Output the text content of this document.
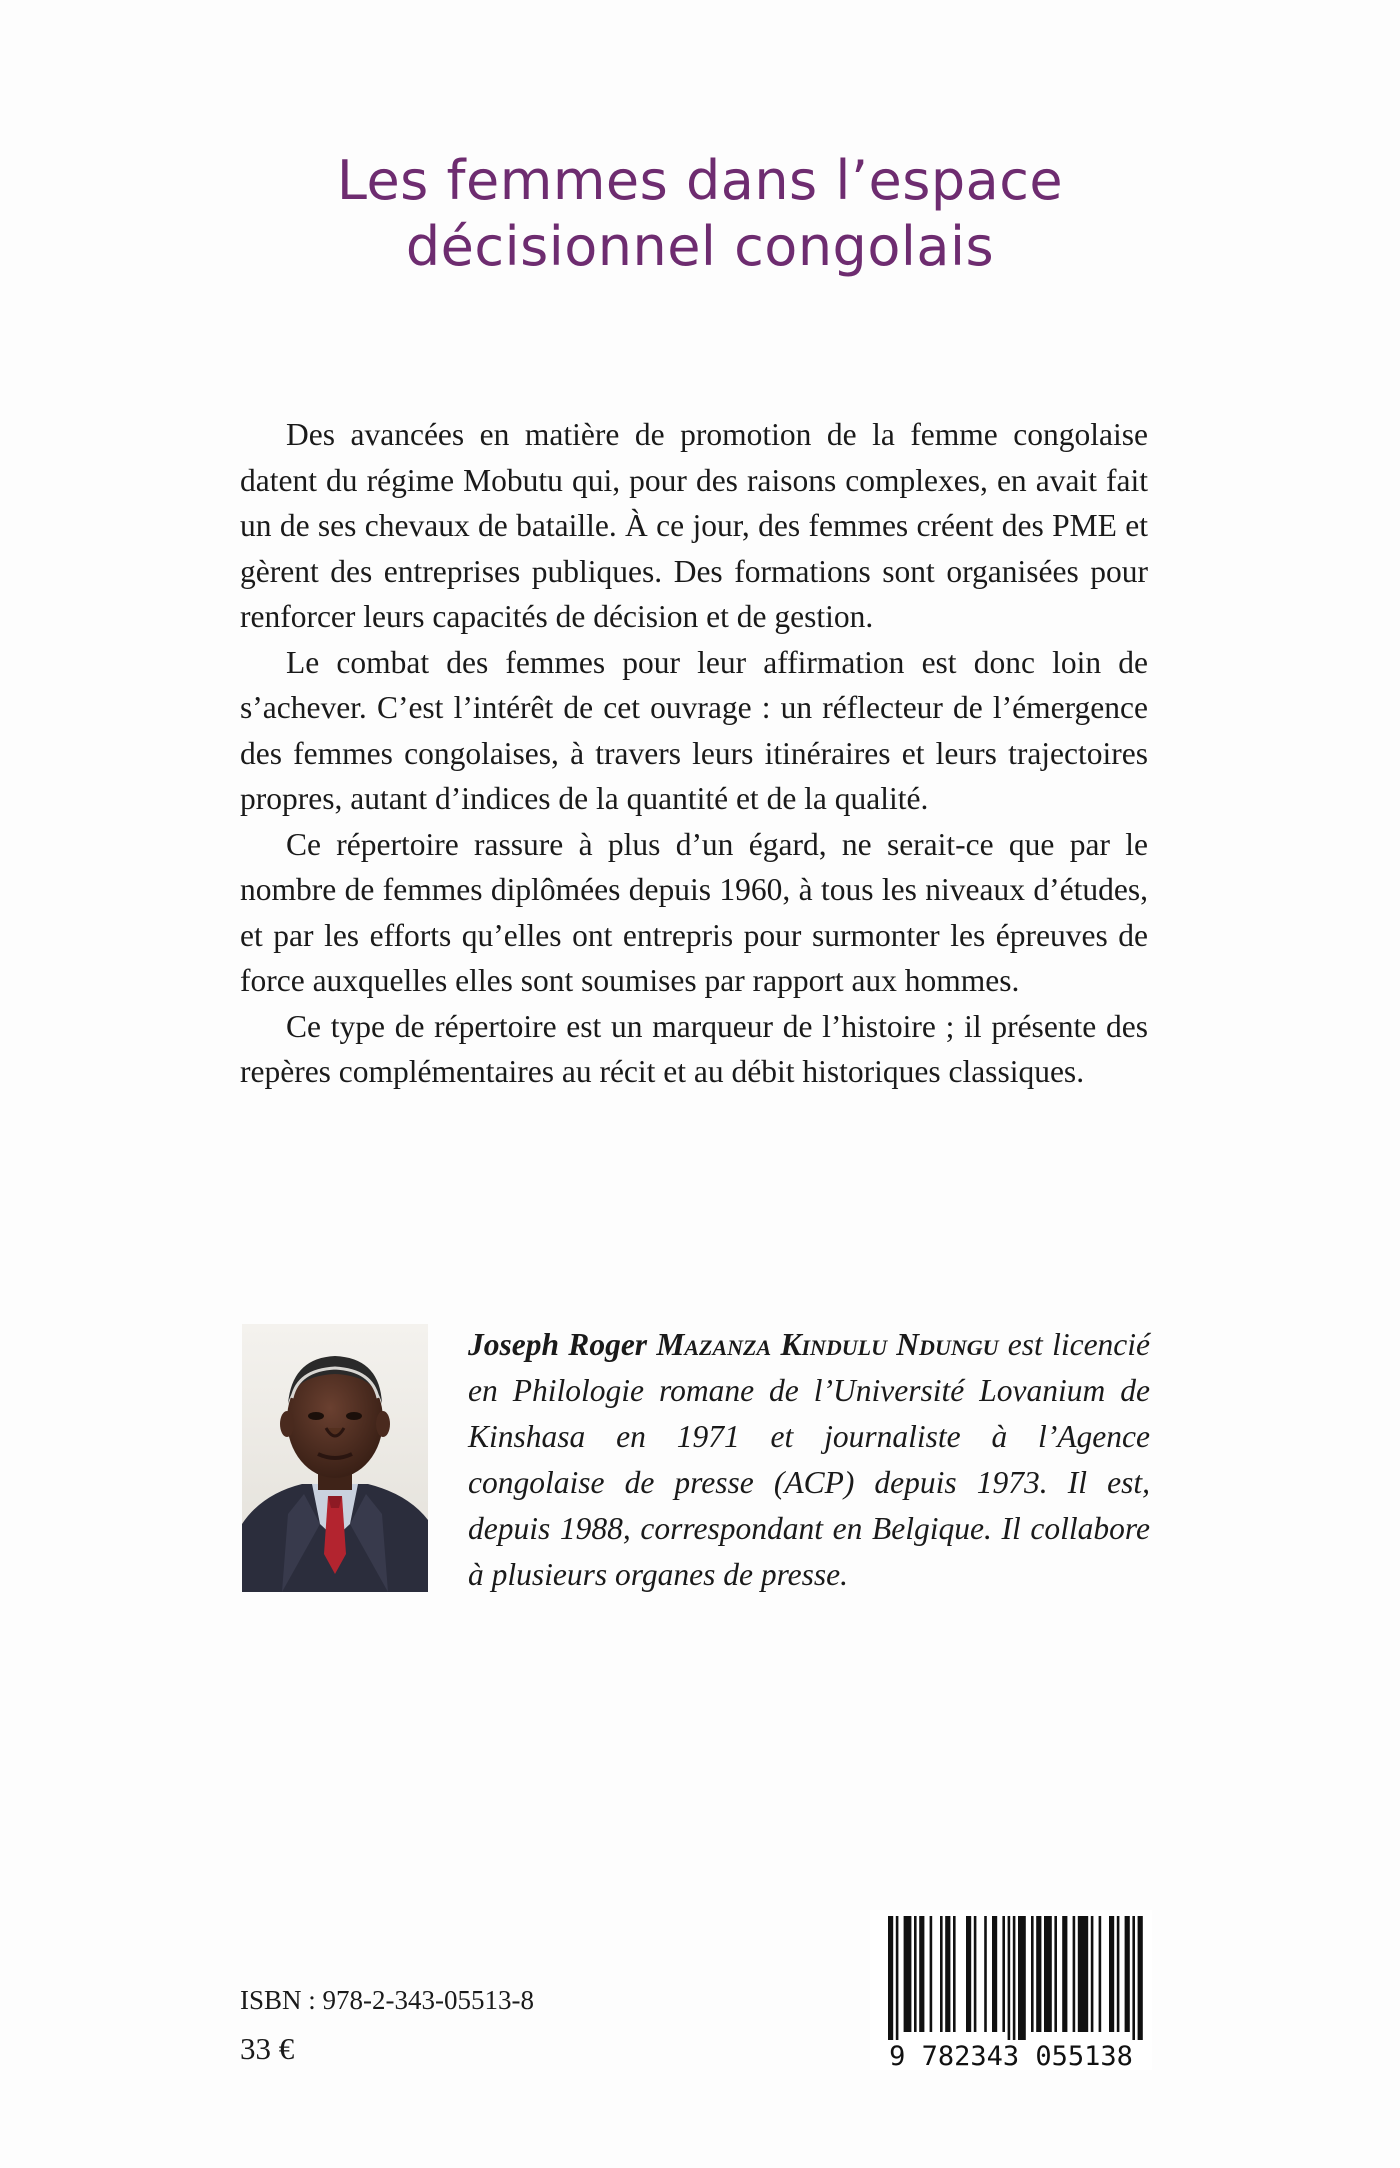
Les femmes dans l’espace
décisionnel congolais

Des avancées en matière de promotion de la femme congolaise datent du régime Mobutu qui, pour des raisons complexes, en avait fait un de ses chevaux de bataille. À ce jour, des femmes créent des PME et gèrent des entreprises publiques. Des formations sont organisées pour renforcer leurs capacités de décision et de gestion.

Le combat des femmes pour leur affirmation est donc loin de s’achever. C’est l’intérêt de cet ouvrage : un réflecteur de l’émergence des femmes congolaises, à travers leurs itinéraires et leurs trajectoires propres, autant d’indices de la quantité et de la qualité.

Ce répertoire rassure à plus d’un égard, ne serait-ce que par le nombre de femmes diplômées depuis 1960, à tous les niveaux d’études, et par les efforts qu’elles ont entrepris pour surmonter les épreuves de force auxquelles elles sont soumises par rapport aux hommes.

Ce type de répertoire est un marqueur de l’histoire ; il présente des repères complémentaires au récit et au débit historiques classiques.

Joseph Roger Mazanza Kindulu Ndungu est licencié en Philologie romane de l’Université Lovanium de Kinshasa en 1971 et journaliste à l’Agence congolaise de presse (ACP) depuis 1973. Il est, depuis 1988, correspondant en Belgique. Il collabore à plusieurs organes de presse.
ISBN : 978-2-343-05513-8
33 €	9 782343 055138
